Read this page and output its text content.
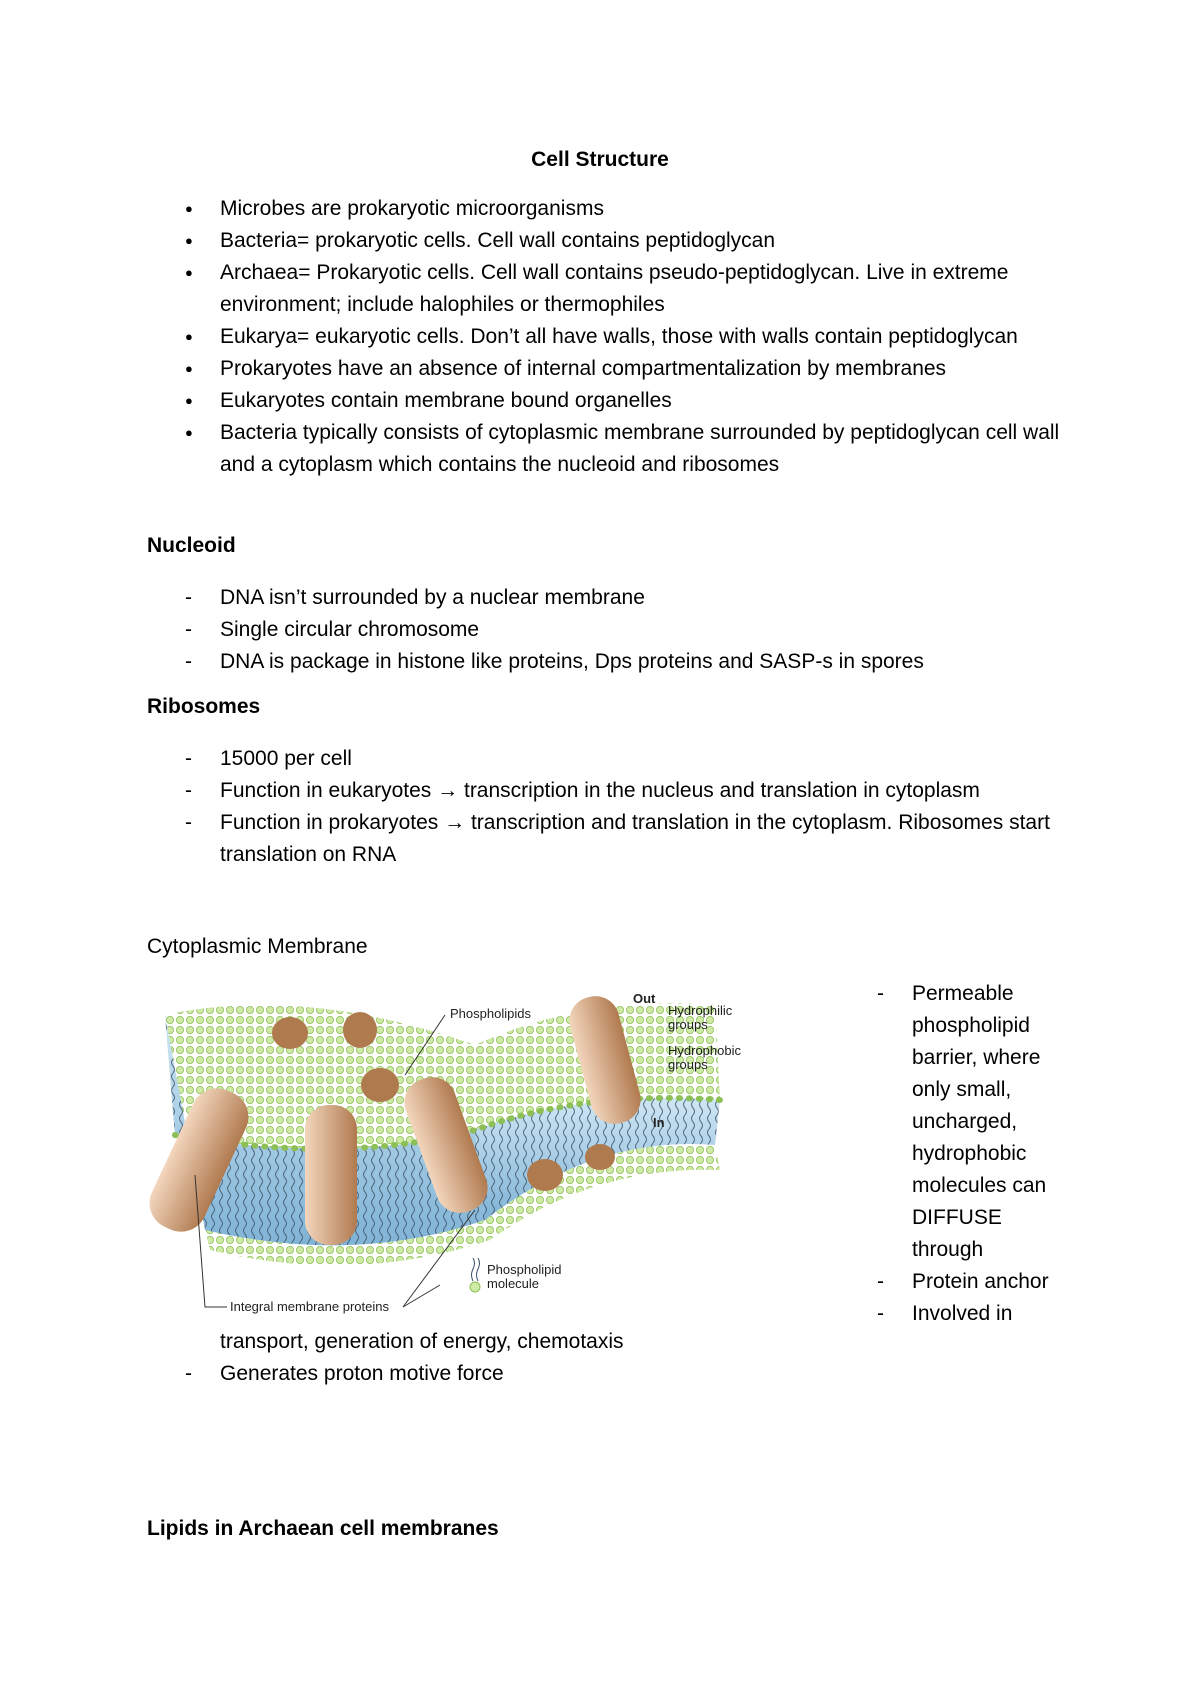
Cell Structure
● Microbes are prokaryotic microorganisms
● Bacteria= prokaryotic cells. Cell wall contains peptidoglycan
● Archaea= Prokaryotic cells. Cell wall contains pseudo-peptidoglycan. Live in extreme environment; include halophiles or thermophiles
● Eukarya= eukaryotic cells. Don’t all have walls, those with walls contain peptidoglycan
● Prokaryotes have an absence of internal compartmentalization by membranes
● Eukaryotes contain membrane bound organelles
● Bacteria typically consists of cytoplasmic membrane surrounded by peptidoglycan cell wall and a cytoplasm which contains the nucleoid and ribosomes
Nucleoid
- DNA isn’t surrounded by a nuclear membrane
- Single circular chromosome
- DNA is package in histone like proteins, Dps proteins and SASP-s in spores
Ribosomes
- 15000 per cell
- Function in eukaryotes → transcription in the nucleus and translation in cytoplasm
- Function in prokaryotes → transcription and translation in the cytoplasm. Ribosomes start translation on RNA
Cytoplasmic Membrane
Phospholipids
Out
Hydrophilic
groups
Hydrophobic
groups
In
Phospholipid
molecule
Integral membrane proteins
- Permeable phospholipid barrier, where only small, uncharged, hydrophobic molecules can DIFFUSE through
- Protein anchor
- Involved in
transport, generation of energy, chemotaxis
- Generates proton motive force
Lipids in Archaean cell membranes
